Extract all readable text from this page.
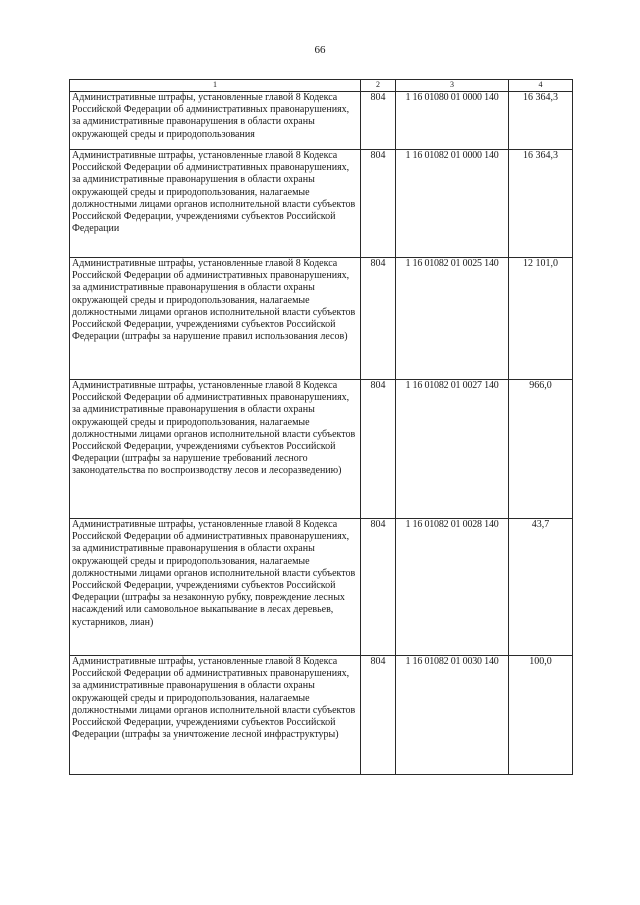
66
1	2	3	4
Административные штрафы, установленные главой 8 Кодекса Российской Федерации об административных правонарушениях, за административные правонарушения в области охраны окружающей среды и природопользования	804	1 16 01080 01 0000 140	16 364,3
Административные штрафы, установленные главой 8 Кодекса Российской Федерации об административных правонарушениях, за административные правонарушения в области охраны окружающей среды и природопользования, налагаемые должностными лицами органов исполнительной власти субъектов Российской Федерации, учреждениями субъектов Российской Федерации	804	1 16 01082 01 0000 140	16 364,3
Административные штрафы, установленные главой 8 Кодекса Российской Федерации об административных правонарушениях, за административные правонарушения в области охраны окружающей среды и природопользования, налагаемые должностными лицами органов исполнительной власти субъектов Российской Федерации, учреждениями субъектов Российской Федерации (штрафы за нарушение правил использования лесов)	804	1 16 01082 01 0025 140	12 101,0
Административные штрафы, установленные главой 8 Кодекса Российской Федерации об административных правонарушениях, за административные правонарушения в области охраны окружающей среды и природопользования, налагаемые должностными лицами органов исполнительной власти субъектов Российской Федерации, учреждениями субъектов Российской Федерации (штрафы за нарушение требований лесного законодательства по воспроизводству лесов и лесоразведению)	804	1 16 01082 01 0027 140	966,0
Административные штрафы, установленные главой 8 Кодекса Российской Федерации об административных правонарушениях, за административные правонарушения в области охраны окружающей среды и природопользования, налагаемые должностными лицами органов исполнительной власти субъектов Российской Федерации, учреждениями субъектов Российской Федерации (штрафы за незаконную рубку, повреждение лесных насаждений или самовольное выкапывание в лесах деревьев, кустарников, лиан)	804	1 16 01082 01 0028 140	43,7
Административные штрафы, установленные главой 8 Кодекса Российской Федерации об административных правонарушениях, за административные правонарушения в области охраны окружающей среды и природопользования, налагаемые должностными лицами органов исполнительной власти субъектов Российской Федерации, учреждениями субъектов Российской Федерации (штрафы за уничтожение лесной инфраструктуры)	804	1 16 01082 01 0030 140	100,0
